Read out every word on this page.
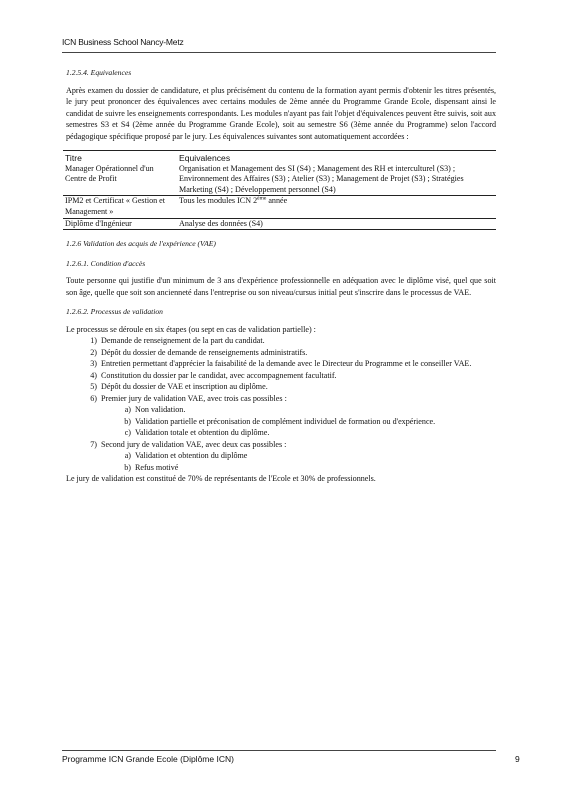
ICN Business School Nancy-Metz
1.2.5.4. Equivalences

Après examen du dossier de candidature, et plus précisément du contenu de la formation ayant permis d'obtenir les titres présentés, le jury peut prononcer des équivalences avec certains modules de 2ème année du Programme Grande Ecole, dispensant ainsi le candidat de suivre les enseignements correspondants. Les modules n'ayant pas fait l'objet d'équivalences peuvent être suivis, soit aux semestres S3 et S4 (2ème année du Programme Grande Ecole), soit au semestre S6 (3ème année du Programme) selon l'accord pédagogique spécifique proposé par le jury. Les équivalences suivantes sont automatiquement accordées :

Titre	Equivalences
Manager Opérationnel d'un Centre de Profit	Organisation et Management des SI (S4) ; Management des RH et interculturel (S3) ; Environnement des Affaires (S3) ; Atelier (S3) ; Management de Projet (S3) ; Stratégies Marketing (S4) ; Développement personnel (S4)
IPM2 et Certificat « Gestion et Management »	Tous les modules ICN 2ème année
Diplôme d'Ingénieur	Analyse des données (S4)
1.2.6 Validation des acquis de l'expérience (VAE)
1.2.6.1. Condition d'accès

Toute personne qui justifie d'un minimum de 3 ans d'expérience professionnelle en adéquation avec le diplôme visé, quel que soit son âge, quelle que soit son ancienneté dans l'entreprise ou son niveau/cursus initial peut s'inscrire dans le processus de VAE.

1.2.6.2. Processus de validation

Le processus se déroule en six étapes (ou sept en cas de validation partielle) :

1) Demande de renseignement de la part du candidat.
2) Dépôt du dossier de demande de renseignements administratifs.
3) Entretien permettant d'apprécier la faisabilité de la demande avec le Directeur du Programme et le conseiller VAE.
4) Constitution du dossier par le candidat, avec accompagnement facultatif.
5) Dépôt du dossier de VAE et inscription au diplôme.
6) Premier jury de validation VAE, avec trois cas possibles :
a) Non validation.
b) Validation partielle et préconisation de complément individuel de formation ou d'expérience.
c) Validation totale et obtention du diplôme.
7) Second jury de validation VAE, avec deux cas possibles :
a) Validation et obtention du diplôme
b) Refus motivé

Le jury de validation est constitué de 70% de représentants de l'Ecole et 30% de professionnels.

Programme ICN Grande Ecole (Diplôme ICN)	9
